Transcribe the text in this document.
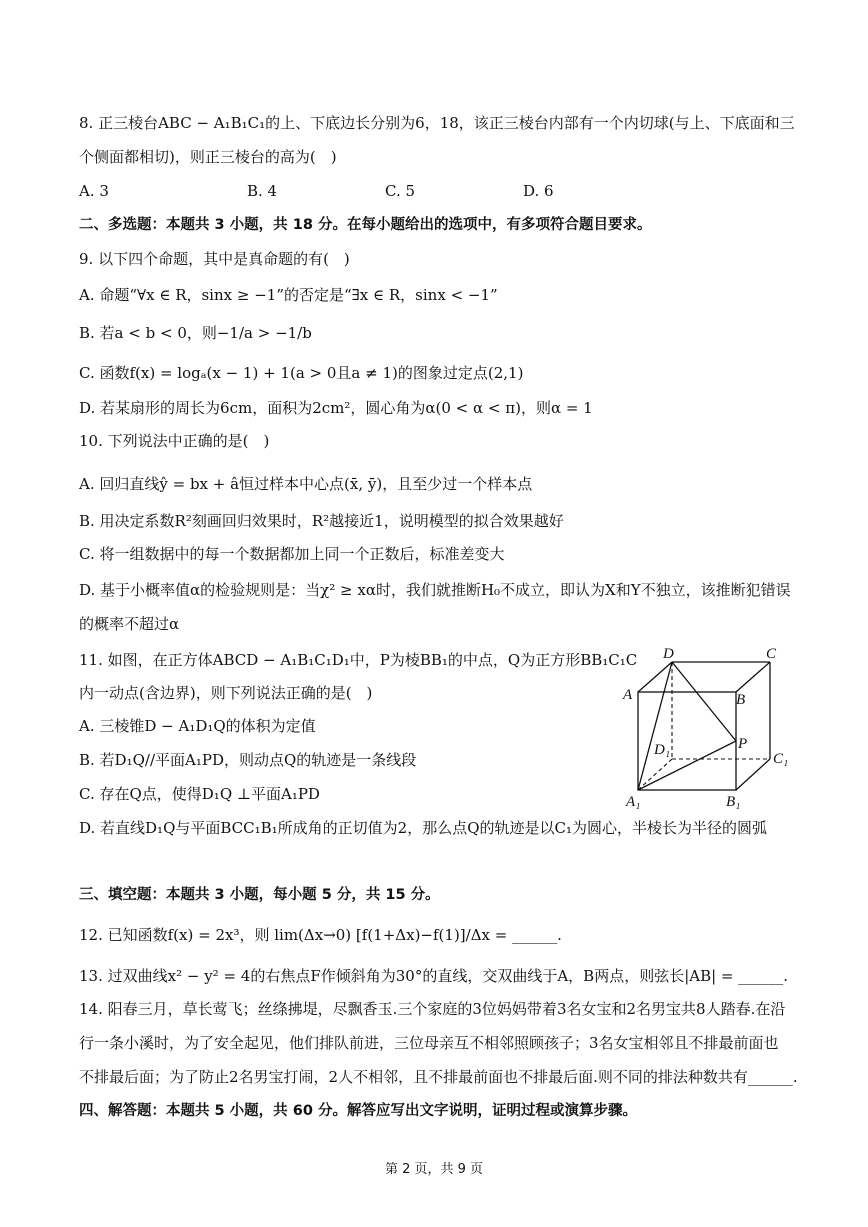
8. 正三棱台ABC − A₁B₁C₁的上、下底边长分别为6，18，该正三棱台内部有一个内切球(与上、下底面和三
个侧面都相切)，则正三棱台的高为(　)
A. 3	B. 4	C. 5	D. 6
二、多选题：本题共 3 小题，共 18 分。在每小题给出的选项中，有多项符合题目要求。
9. 以下四个命题，其中是真命题的有(　)
A. 命题“∀x ∈ R，sinx ≥ −1”的否定是“∃x ∈ R，sinx < −1”
B. 若a < b < 0，则−1/a > −1/b
C. 函数f(x) = logₐ(x − 1) + 1(a > 0且a ≠ 1)的图象过定点(2,1)
D. 若某扇形的周长为6cm，面积为2cm²，圆心角为α(0 < α < π)，则α = 1
10. 下列说法中正确的是(　)
A. 回归直线ŷ = bx + â恒过样本中心点(x̄, ȳ)，且至少过一个样本点
B. 用决定系数R²刻画回归效果时，R²越接近1，说明模型的拟合效果越好
C. 将一组数据中的每一个数据都加上同一个正数后，标准差变大
D. 基于小概率值α的检验规则是：当χ² ≥ xα时，我们就推断H₀不成立，即认为X和Y不独立，该推断犯错误
的概率不超过α
11. 如图，在正方体ABCD − A₁B₁C₁D₁中，P为棱BB₁的中点，Q为正方形BB₁C₁C
内一动点(含边界)，则下列说法正确的是(　)
A. 三棱锥D − A₁D₁Q的体积为定值
B. 若D₁Q//平面A₁PD，则动点Q的轨迹是一条线段
C. 存在Q点，使得D₁Q ⊥平面A₁PD
D. 若直线D₁Q与平面BCC₁B₁所成角的正切值为2，那么点Q的轨迹是以C₁为圆心，半棱长为半径的圆弧
D	C
A	B
D₁	P
C₁
A₁	B₁
三、填空题：本题共 3 小题，每小题 5 分，共 15 分。
12. 已知函数f(x) = 2x³，则 lim(Δx→0) [f(1+Δx)−f(1)]/Δx = ______.
13. 过双曲线x² − y² = 4的右焦点F作倾斜角为30°的直线，交双曲线于A，B两点，则弦长|AB| = ______.
14. 阳春三月，草长莺飞；丝绦拂堤，尽飘香玉.三个家庭的3位妈妈带着3名女宝和2名男宝共8人踏春.在沿
行一条小溪时，为了安全起见，他们排队前进，三位母亲互不相邻照顾孩子；3名女宝相邻且不排最前面也
不排最后面；为了防止2名男宝打闹，2人不相邻，且不排最前面也不排最后面.则不同的排法种数共有______.
四、解答题：本题共 5 小题，共 60 分。解答应写出文字说明，证明过程或演算步骤。
第 2 页，共 9 页
